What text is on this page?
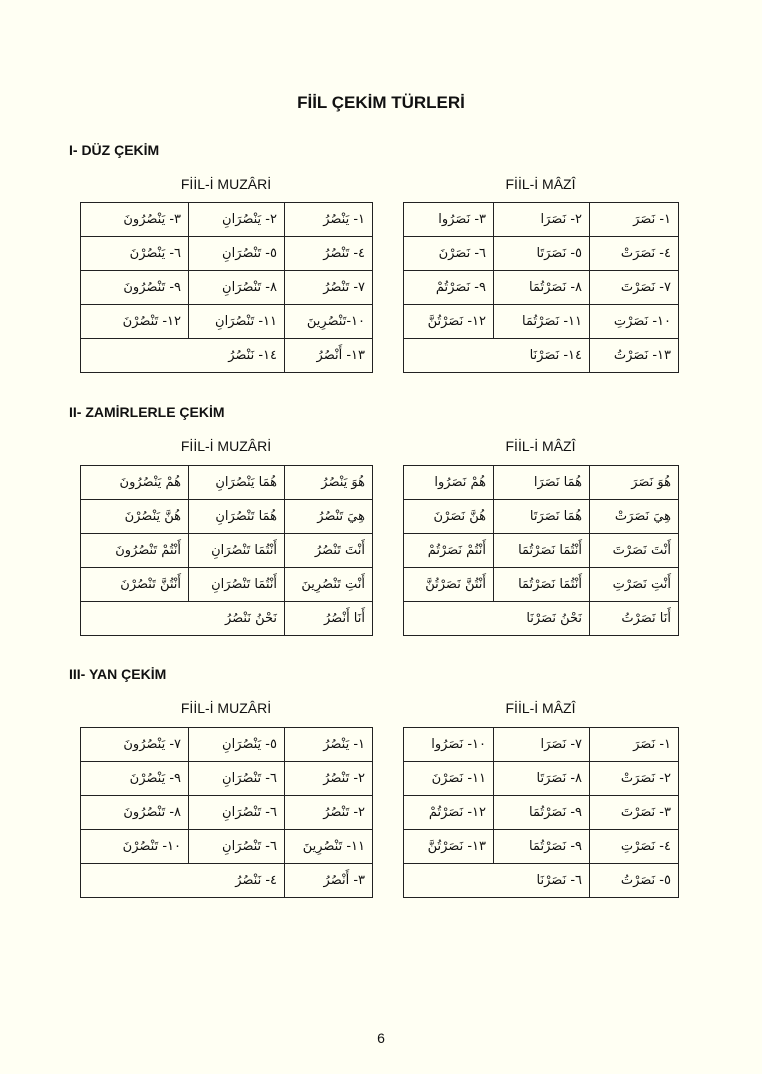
FİİL ÇEKİM TÜRLERİ
I- DÜZ ÇEKİM
FİİL-İ MUZÂRİ	FİİL-İ MÂZÎ
١- يَنْصُرُ	٢- يَنْصُرَانِ	٣- يَنْصُرُونَ
٤- تَنْصُرُ	٥- تَنْصُرَانِ	٦- يَنْصُرْنَ
٧- تَنْصُرُ	٨- تَنْصُرَانِ	٩- تَنْصُرُونَ
١٠-تَنْصُرِينَ	١١- تَنْصُرَانِ	١٢- تَنْصُرْنَ
١٣- أَنْصُرُ	١٤- نَنْصُرُ	
١- نَصَرَ	٢- نَصَرَا	٣- نَصَرُوا
٤- نَصَرَتْ	٥- نَصَرَتَا	٦- نَصَرْنَ
٧- نَصَرْتَ	٨- نَصَرْتُمَا	٩- نَصَرْتُمْ
١٠- نَصَرْتِ	١١- نَصَرْتُمَا	١٢- نَصَرْتُنَّ
١٣- نَصَرْتُ	١٤- نَصَرْنَا	
II- ZAMİRLERLE ÇEKİM
FİİL-İ MUZÂRİ	FİİL-İ MÂZÎ
هُوَ يَنْصُرُ	هُمَا يَنْصُرَانِ	هُمْ يَنْصُرُونَ
هِيَ تَنْصُرُ	هُمَا تَنْصُرَانِ	هُنَّ يَنْصُرْنَ
أَنْتَ تَنْصُرُ	أَنْتُمَا تَنْصُرَانِ	أَنْتُمْ تَنْصُرُونَ
أَنْتِ تَنْصُرِينَ	أَنْتُمَا تَنْصُرَانِ	أَنْتُنَّ تَنْصُرْنَ
أَنَا أَنْصُرُ	نَحْنُ نَنْصُرُ	
هُوَ نَصَرَ	هُمَا نَصَرَا	هُمْ نَصَرُوا
هِيَ نَصَرَتْ	هُمَا نَصَرَتَا	هُنَّ نَصَرْنَ
أَنْتَ نَصَرْتَ	أَنْتُمَا نَصَرْتُمَا	أَنْتُمْ نَصَرْتُمْ
أَنْتِ نَصَرْتِ	أَنْتُمَا نَصَرْتُمَا	أَنْتُنَّ نَصَرْتُنَّ
أَنَا نَصَرْتُ	نَحْنُ نَصَرْنَا	
III- YAN ÇEKİM
FİİL-İ MUZÂRİ	FİİL-İ MÂZÎ
١- يَنْصُرُ	٥- يَنْصُرَانِ	٧- يَنْصُرُونَ
٢- تَنْصُرُ	٦- تَنْصُرَانِ	٩- يَنْصُرْنَ
٢- تَنْصُرُ	٦- تَنْصُرَانِ	٨- تَنْصُرُونَ
١١- تَنْصُرِينَ	٦- تَنْصُرَانِ	١٠- تَنْصُرْنَ
٣- أَنْصُرُ	٤- نَنْصُرُ	
١- نَصَرَ	٧- نَصَرَا	١٠- نَصَرُوا
٢- نَصَرَتْ	٨- نَصَرَتَا	١١- نَصَرْنَ
٣- نَصَرْتَ	٩- نَصَرْتُمَا	١٢- نَصَرْتُمْ
٤- نَصَرْتِ	٩- نَصَرْتُمَا	١٣- نَصَرْتُنَّ
٥- نَصَرْتُ	٦- نَصَرْنَا	
6
